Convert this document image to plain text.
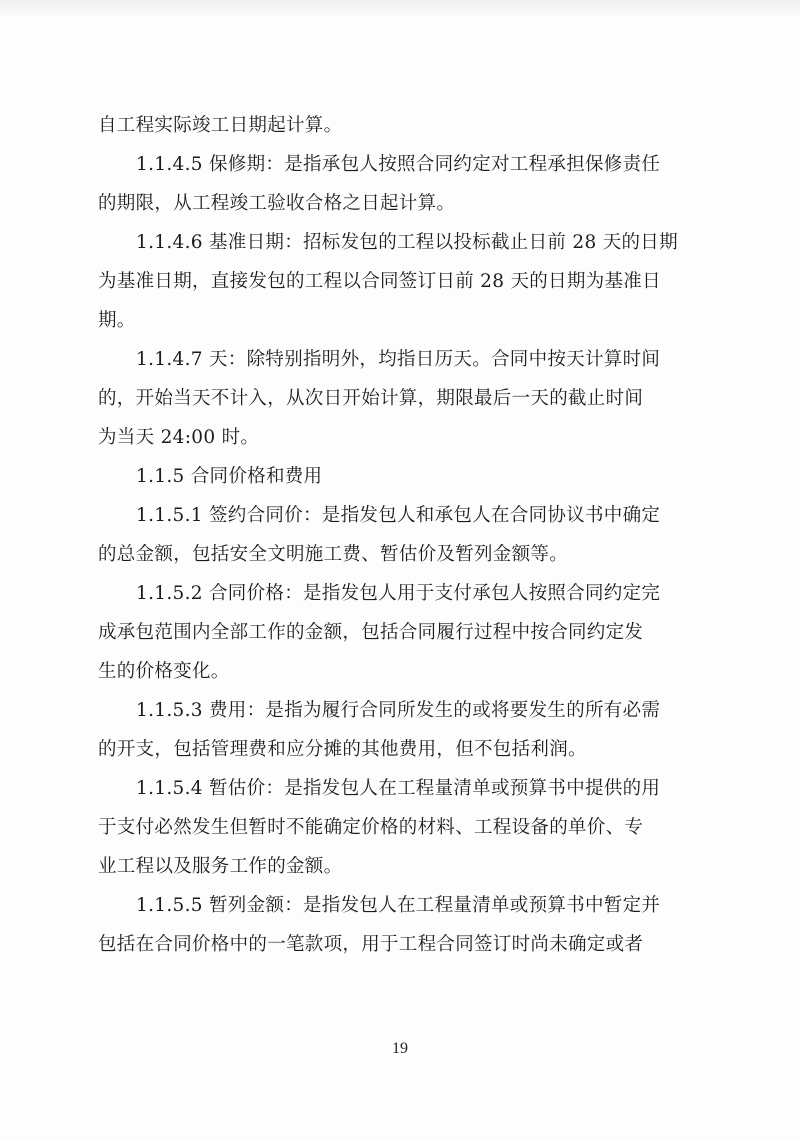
自工程实际竣工日期起计算。
1.1.4.5 保修期：是指承包人按照合同约定对工程承担保修责任
的期限，从工程竣工验收合格之日起计算。
1.1.4.6 基准日期：招标发包的工程以投标截止日前 28 天的日期
为基准日期，直接发包的工程以合同签订日前 28 天的日期为基准日
期。
1.1.4.7 天：除特别指明外，均指日历天。合同中按天计算时间
的，开始当天不计入，从次日开始计算，期限最后一天的截止时间
为当天 24:00 时。
1.1.5 合同价格和费用
1.1.5.1 签约合同价：是指发包人和承包人在合同协议书中确定
的总金额，包括安全文明施工费、暂估价及暂列金额等。
1.1.5.2 合同价格：是指发包人用于支付承包人按照合同约定完
成承包范围内全部工作的金额，包括合同履行过程中按合同约定发
生的价格变化。
1.1.5.3 费用：是指为履行合同所发生的或将要发生的所有必需
的开支，包括管理费和应分摊的其他费用，但不包括利润。
1.1.5.4 暂估价：是指发包人在工程量清单或预算书中提供的用
于支付必然发生但暂时不能确定价格的材料、工程设备的单价、专
业工程以及服务工作的金额。
1.1.5.5 暂列金额：是指发包人在工程量清单或预算书中暂定并
包括在合同价格中的一笔款项，用于工程合同签订时尚未确定或者
19
